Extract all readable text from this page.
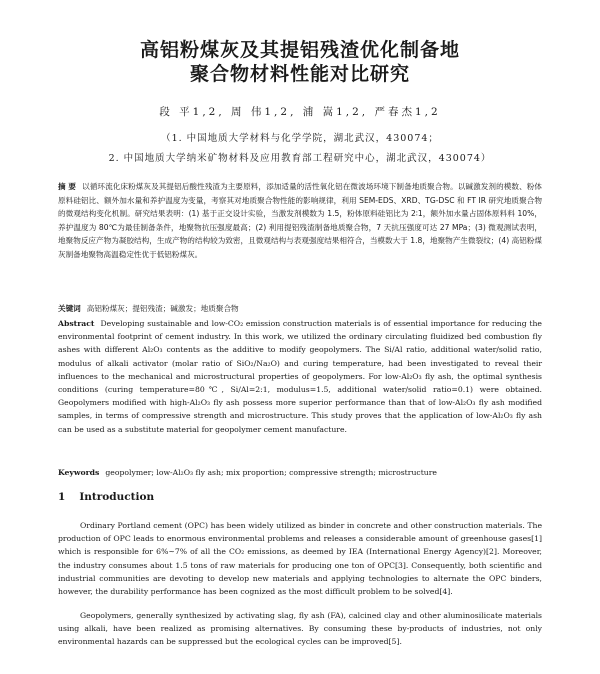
高铝粉煤灰及其提铝残渣优化制备地
聚合物材料性能对比研究
段 平1,2, 周 伟1,2, 浦 嵩1,2, 严春杰1,2
（1. 中国地质大学材料与化学学院，湖北武汉，430074；
2. 中国地质大学纳米矿物材料及应用教育部工程研究中心，湖北武汉，430074）
摘 要 以循环流化床粉煤灰及其提铝后酸性残渣为主要原料，添加适量的活性氧化铝在微波场环境下制备地质聚合物。以碱激发剂的模数、粉体原料硅铝比、额外加水量和养护温度为变量，考察其对地质聚合物性能的影响规律，利用 SEM-EDS、XRD、TG-DSC 和 FT IR 研究地质聚合物的微观结构变化机制。研究结果表明：(1) 基于正交设计实验，当激发剂模数为 1.5，粉体原料硅铝比为 2∶1，额外加水量占固体原料料 10%，养护温度为 80℃为最佳制备条件，地聚物抗压强度最高；(2) 利用提铝残渣制备地质聚合物，7 天抗压强度可达 27 MPa；(3) 微观测试表明，地聚物反应产物为凝胶结构，生成产物的结构较为致密，且微观结构与表观强度结果相符合，当模数大于 1.8，地聚物产生微裂纹；(4) 高铝粉煤灰制备地聚物高温稳定性优于低铝粉煤灰。
关键词 高铝粉煤灰；提铝残渣；碱激发；地质聚合物
Abstract Developing sustainable and low-CO₂ emission construction materials is of essential importance for reducing the environmental footprint of cement industry. In this work, we utilized the ordinary circulating fluidized bed combustion fly ashes with different Al₂O₃ contents as the additive to modify geopolymers. The Si/Al ratio, additional water/solid ratio, modulus of alkali activator (molar ratio of SiO₂/Na₂O) and curing temperature, had been investigated to reveal their influences to the mechanical and microstructural properties of geopolymers. For low-Al₂O₃ fly ash, the optimal synthesis conditions (curing temperature=80℃, Si/Al=2:1, modulus=1.5, additional water/solid ratio=0.1) were obtained. Geopolymers modified with high-Al₂O₃ fly ash possess more superior performance than that of low-Al₂O₃ fly ash modified samples, in terms of compressive strength and microstructure. This study proves that the application of low-Al₂O₃ fly ash can be used as a substitute material for geopolymer cement manufacture.
Keywords geopolymer; low-Al₂O₃ fly ash; mix proportion; compressive strength; microstructure
1 Introduction
Ordinary Portland cement (OPC) has been widely utilized as binder in concrete and other construction materials. The production of OPC leads to enormous environmental problems and releases a considerable amount of greenhouse gases[1] which is responsible for 6%~7% of all the CO₂ emissions, as deemed by IEA (International Energy Agency)[2]. Moreover, the industry consumes about 1.5 tons of raw materials for producing one ton of OPC[3]. Consequently, both scientific and industrial communities are devoting to develop new materials and applying technologies to alternate the OPC binders, however, the durability performance has been cognized as the most difficult problem to be solved[4].
Geopolymers, generally synthesized by activating slag, fly ash (FA), calcined clay and other aluminosilicate materials using alkali, have been realized as promising alternatives. By consuming these by-products of industries, not only environmental hazards can be suppressed but the ecological cycles can be improved[5].
